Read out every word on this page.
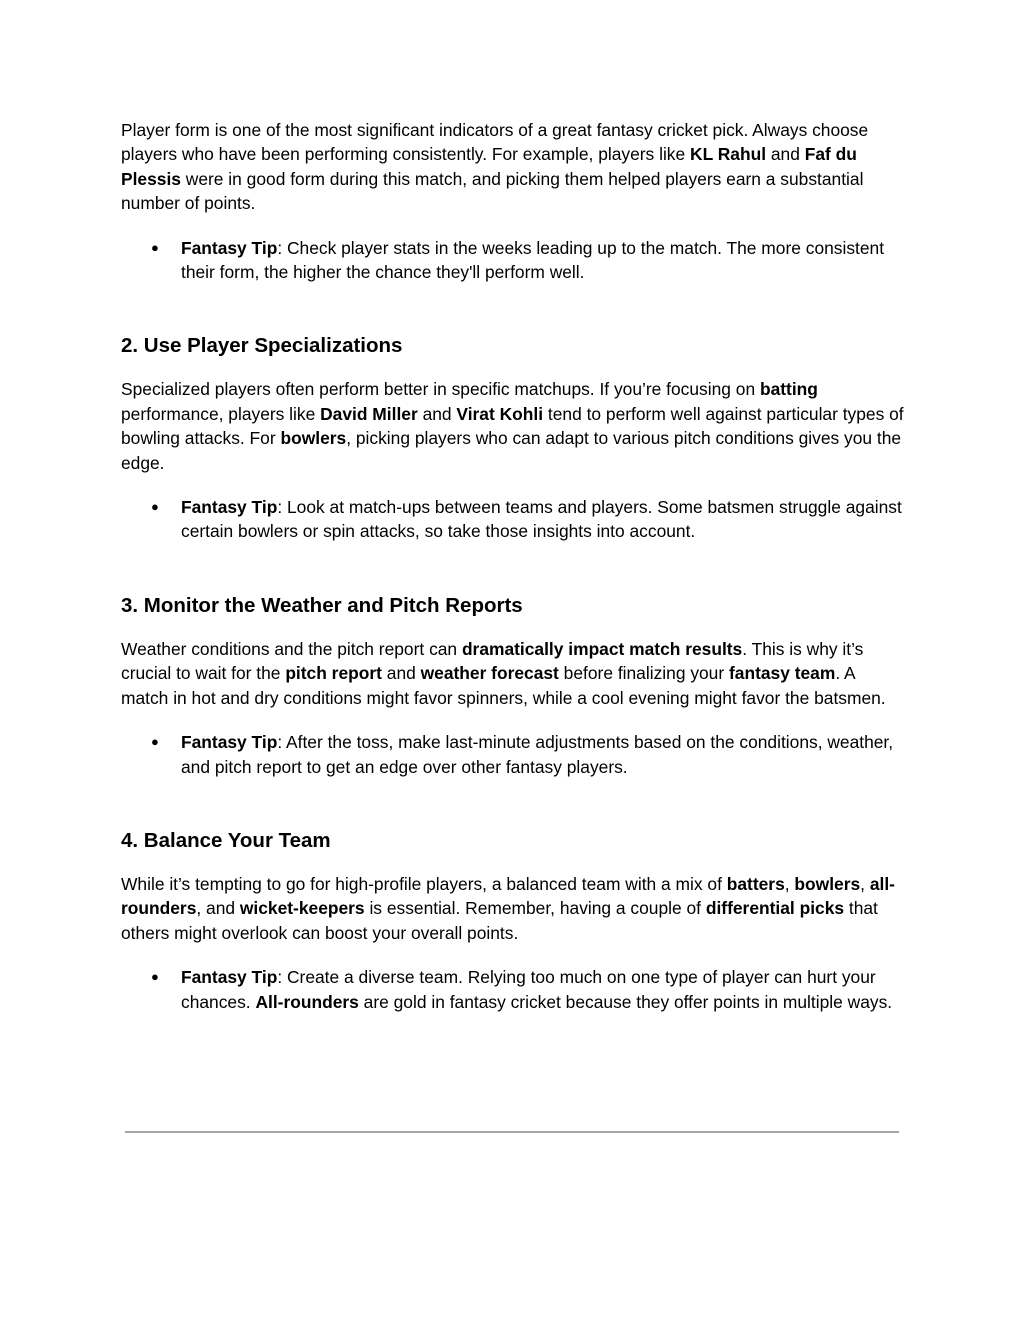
Player form is one of the most significant indicators of a great fantasy cricket pick. Always choose players who have been performing consistently. For example, players like KL Rahul and Faf du Plessis were in good form during this match, and picking them helped players earn a substantial number of points.

● Fantasy Tip: Check player stats in the weeks leading up to the match. The more consistent their form, the higher the chance they'll perform well.
2. Use Player Specializations

Specialized players often perform better in specific matchups. If you’re focusing on batting performance, players like David Miller and Virat Kohli tend to perform well against particular types of bowling attacks. For bowlers, picking players who can adapt to various pitch conditions gives you the edge.

● Fantasy Tip: Look at match-ups between teams and players. Some batsmen struggle against certain bowlers or spin attacks, so take those insights into account.
3. Monitor the Weather and Pitch Reports

Weather conditions and the pitch report can dramatically impact match results. This is why it’s crucial to wait for the pitch report and weather forecast before finalizing your fantasy team. A match in hot and dry conditions might favor spinners, while a cool evening might favor the batsmen.

● Fantasy Tip: After the toss, make last-minute adjustments based on the conditions, weather, and pitch report to get an edge over other fantasy players.
4. Balance Your Team

While it’s tempting to go for high-profile players, a balanced team with a mix of batters, bowlers, all-rounders, and wicket-keepers is essential. Remember, having a couple of differential picks that others might overlook can boost your overall points.

● Fantasy Tip: Create a diverse team. Relying too much on one type of player can hurt your chances. All-rounders are gold in fantasy cricket because they offer points in multiple ways.
